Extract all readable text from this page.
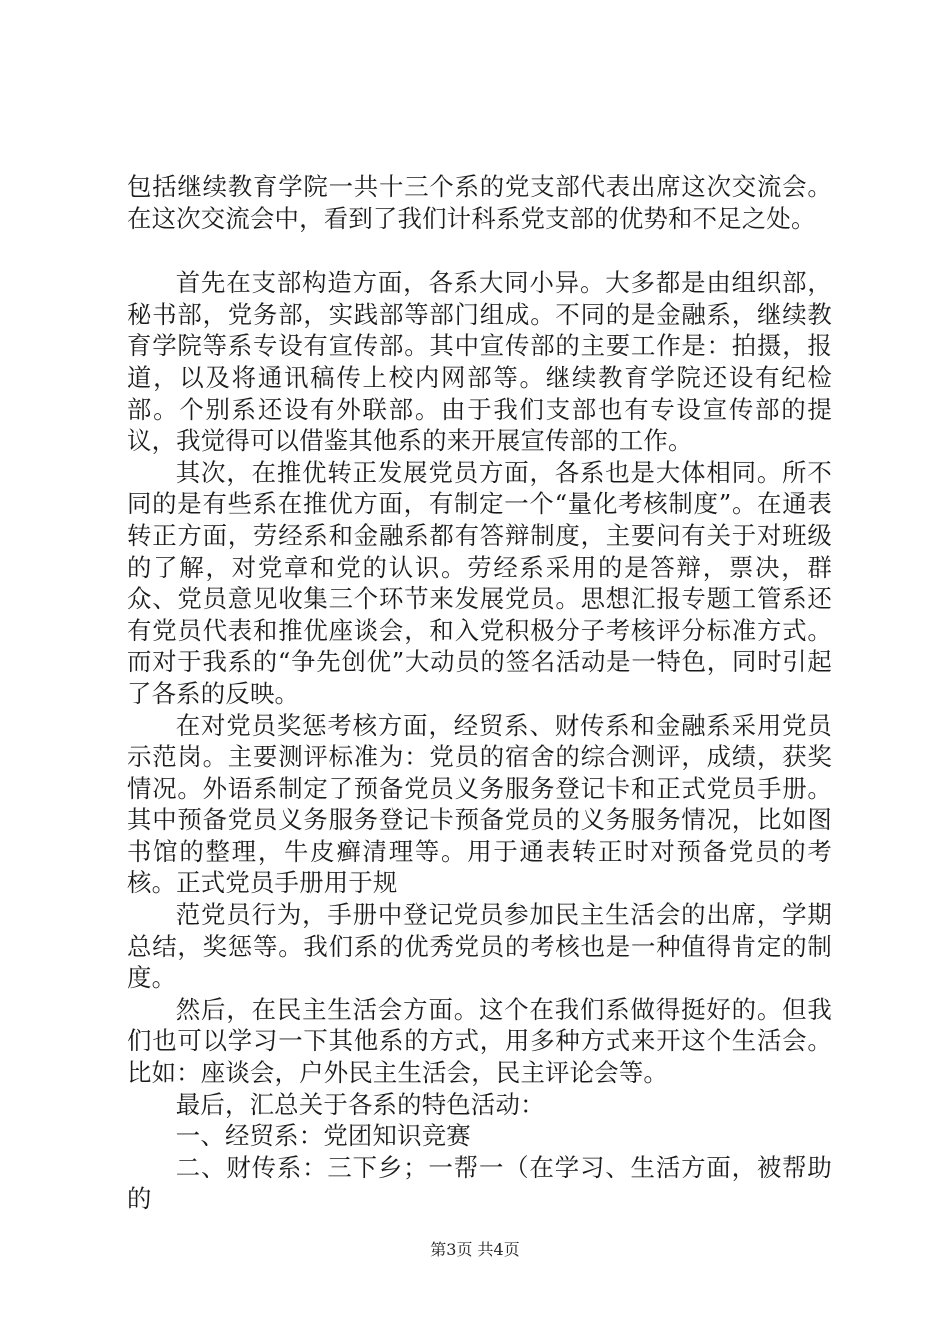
包括继续教育学院一共十三个系的党支部代表出席这次交流会。在这次交流会中，看到了我们计科系党支部的优势和不足之处。

首先在支部构造方面，各系大同小异。大多都是由组织部，秘书部，党务部，实践部等部门组成。不同的是金融系，继续教育学院等系专设有宣传部。其中宣传部的主要工作是：拍摄，报道，以及将通讯稿传上校内网部等。继续教育学院还设有纪检部。个别系还设有外联部。由于我们支部也有专设宣传部的提议，我觉得可以借鉴其他系的来开展宣传部的工作。

其次，在推优转正发展党员方面，各系也是大体相同。所不同的是有些系在推优方面，有制定一个“量化考核制度”。在通表转正方面，劳经系和金融系都有答辩制度，主要问有关于对班级的了解，对党章和党的认识。劳经系采用的是答辩，票决，群众、党员意见收集三个环节来发展党员。思想汇报专题工管系还有党员代表和推优座谈会，和入党积极分子考核评分标准方式。而对于我系的“争先创优”大动员的签名活动是一特色，同时引起了各系的反映。

在对党员奖惩考核方面，经贸系、财传系和金融系采用党员示范岗。主要测评标准为：党员的宿舍的综合测评，成绩，获奖情况。外语系制定了预备党员义务服务登记卡和正式党员手册。其中预备党员义务服务登记卡预备党员的义务服务情况，比如图书馆的整理，牛皮癣清理等。用于通表转正时对预备党员的考核。正式党员手册用于规

范党员行为，手册中登记党员参加民主生活会的出席，学期总结，奖惩等。我们系的优秀党员的考核也是一种值得肯定的制度。

然后，在民主生活会方面。这个在我们系做得挺好的。但我们也可以学习一下其他系的方式，用多种方式来开这个生活会。比如：座谈会，户外民主生活会，民主评论会等。

最后，汇总关于各系的特色活动：

一、经贸系：党团知识竞赛

二、财传系：三下乡；一帮一（在学习、生活方面，被帮助的

第3页 共4页
